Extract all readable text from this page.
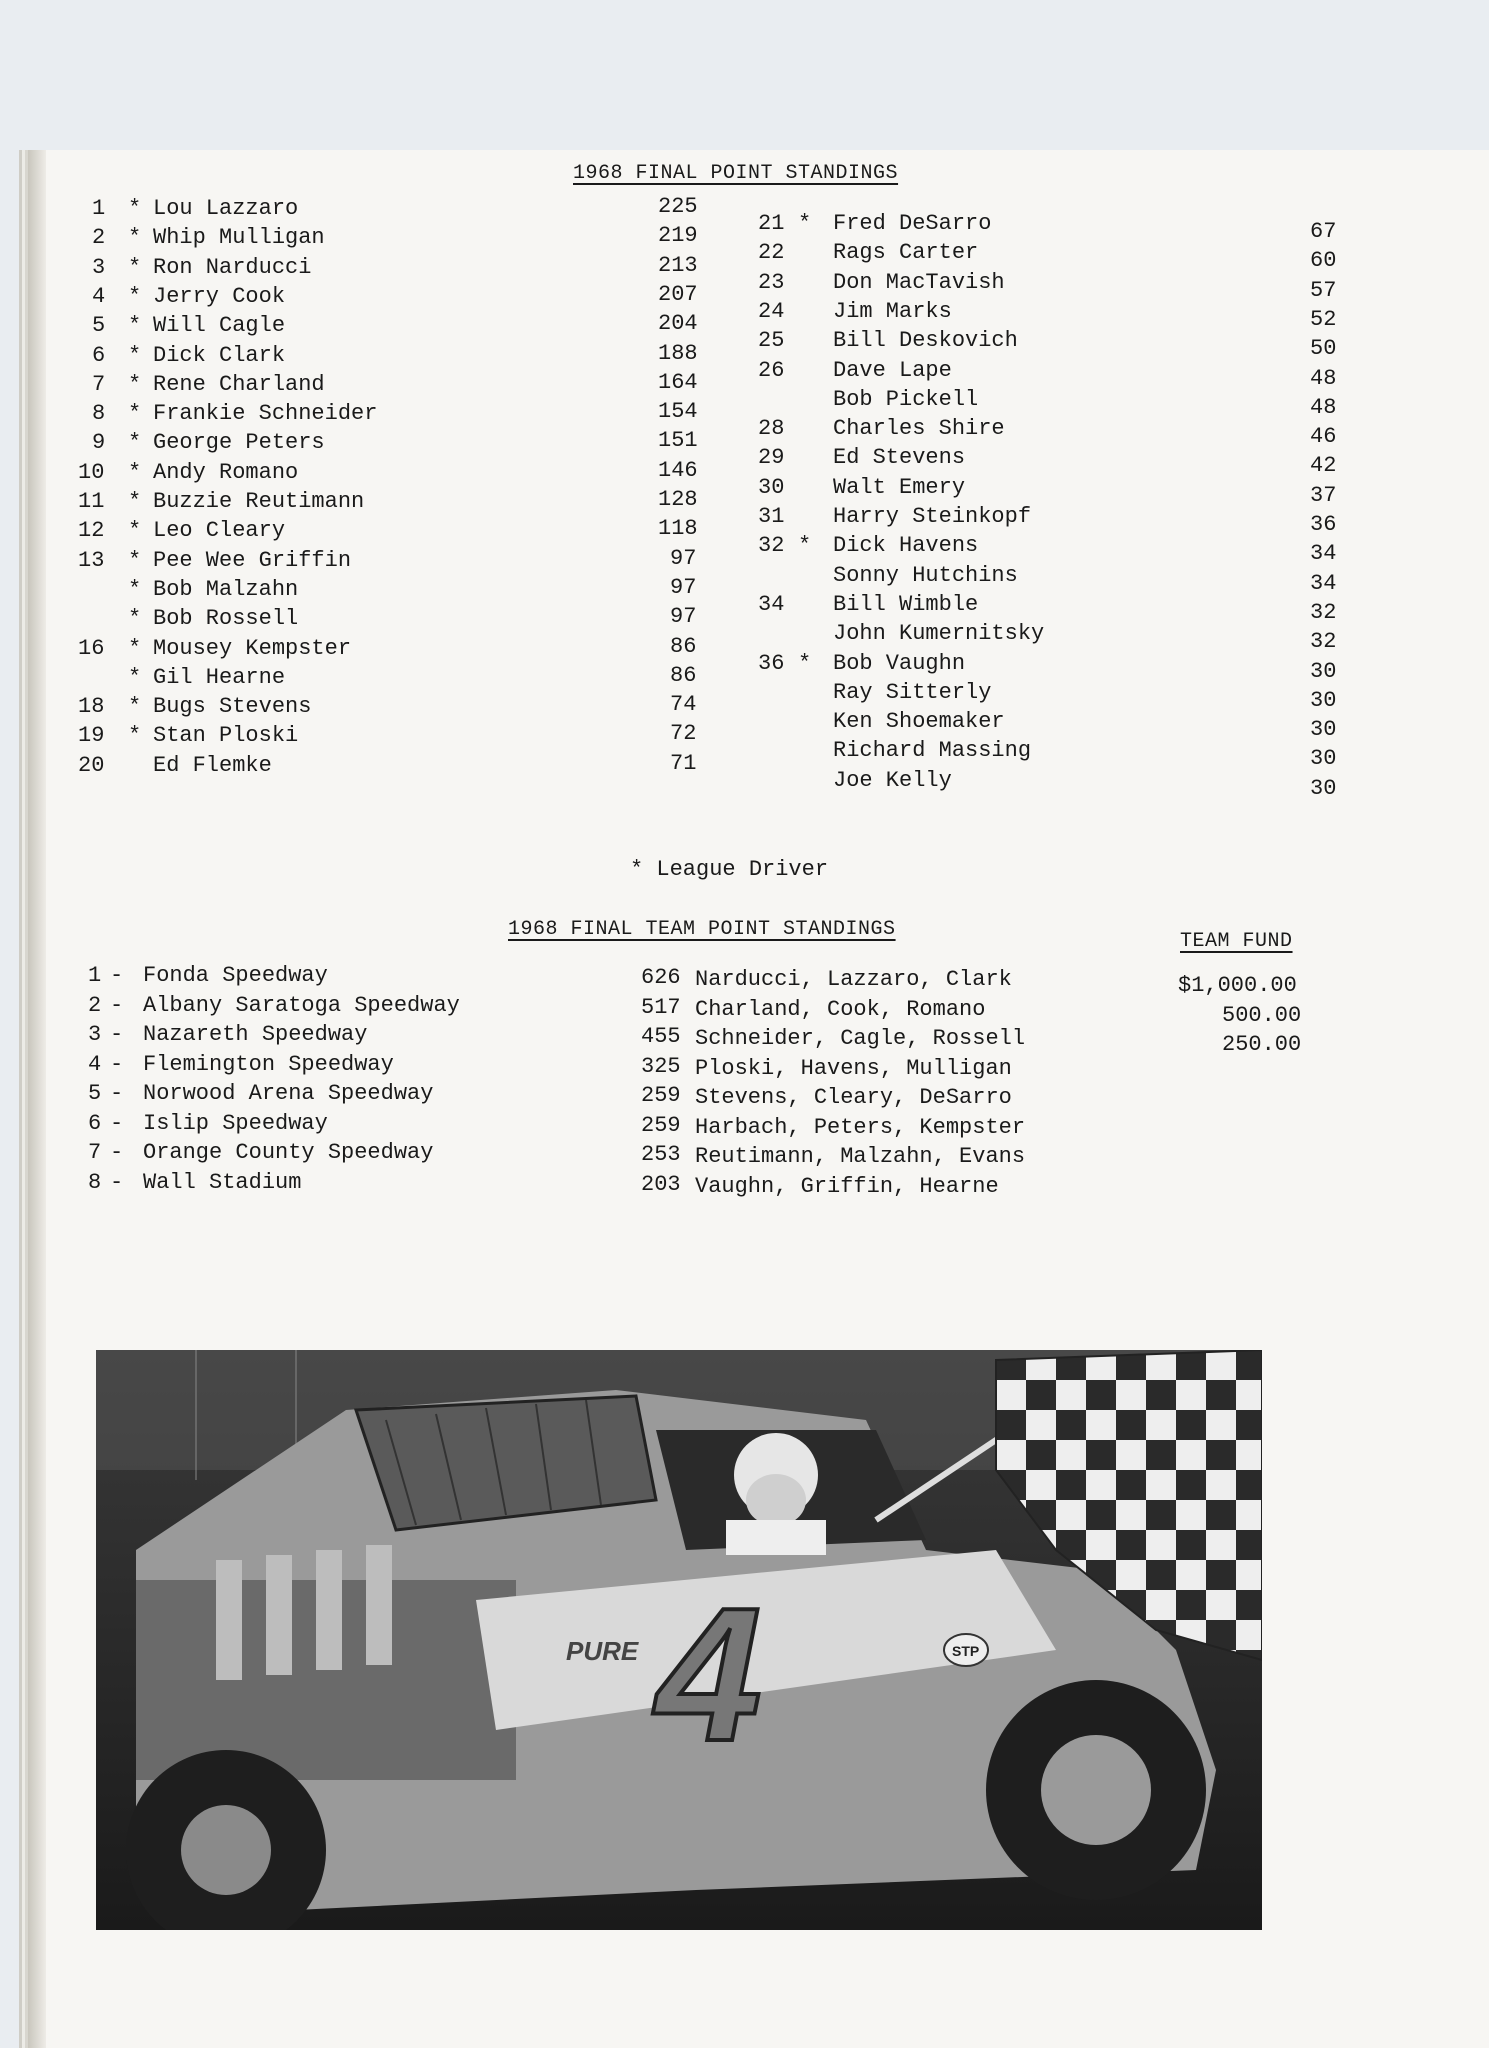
1968 FINAL POINT STANDINGS
1 * Lou Lazzaro	225
2 * Whip Mulligan	219
3 * Ron Narducci	213
4 * Jerry Cook	207
5 * Will Cagle	204
6 * Dick Clark	188
7 * Rene Charland	164
8 * Frankie Schneider	154
9 * George Peters	151
10 * Andy Romano	146
11 * Buzzie Reutimann	128
12 * Leo Cleary	118
13 * Pee Wee Griffin	97
* Bob Malzahn	97
* Bob Rossell	97
16 * Mousey Kempster	86
* Gil Hearne	86
18 * Bugs Stevens	74
19 * Stan Ploski	72
20 Ed Flemke	71
21 * Fred DeSarro	67
22 Rags Carter	60
23 Don MacTavish	57
24 Jim Marks	52
25 Bill Deskovich	50
26 Dave Lape	48
Bob Pickell	48
28 Charles Shire	46
29 Ed Stevens	42
30 Walt Emery	37
31 Harry Steinkopf	36
32 * Dick Havens	34
Sonny Hutchins	34
34 Bill Wimble	32
John Kumernitsky	32
36 * Bob Vaughn	30
Ray Sitterly	30
Ken Shoemaker	30
Richard Massing	30
Joe Kelly	30
* League Driver
1968 FINAL TEAM POINT STANDINGS
TEAM FUND
1 - Fonda Speedway	626 Narducci, Lazzaro, Clark	$1,000.00
2 - Albany Saratoga Speedway	517 Charland, Cook, Romano	500.00
3 - Nazareth Speedway	455 Schneider, Cagle, Rossell	250.00
4 - Flemington Speedway	325 Ploski, Havens, Mulligan
5 - Norwood Arena Speedway	259 Stevens, Cleary, DeSarro
6 - Islip Speedway	259 Harbach, Peters, Kempster
7 - Orange County Speedway	253 Reutimann, Malzahn, Evans
8 - Wall Stadium	203 Vaughn, Griffin, Hearne
PURE 4	STP
